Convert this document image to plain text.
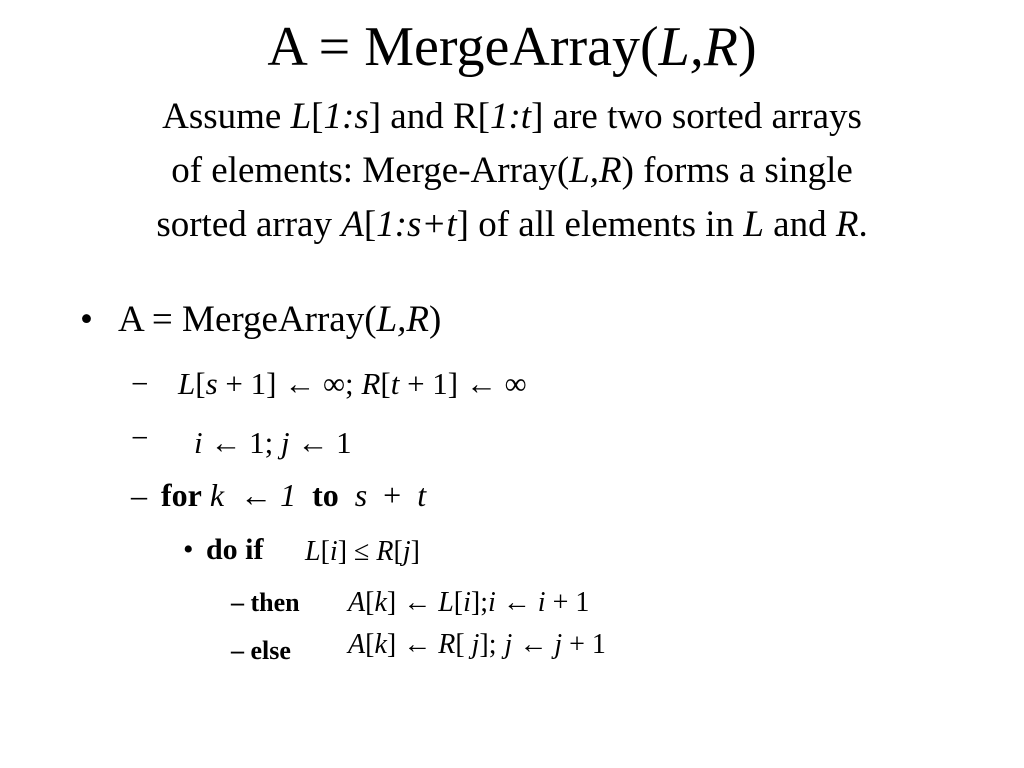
A = MergeArray(L,R)
Assume L[1:s] and R[1:t] are two sorted arrays
of elements: Merge-Array(L,R) forms a single
sorted array A[1:s+t] of all elements in L and R.
• A = MergeArray(L,R)
− L[s + 1] ← ∞; R[t + 1] ← ∞
− i ← 1; j ← 1
– for k ← 1 to s + t
• do if L[i] ≤ R[j]
– then A[k] ← L[i];i ← i + 1
– else A[k] ← R[ j]; j ← j + 1
